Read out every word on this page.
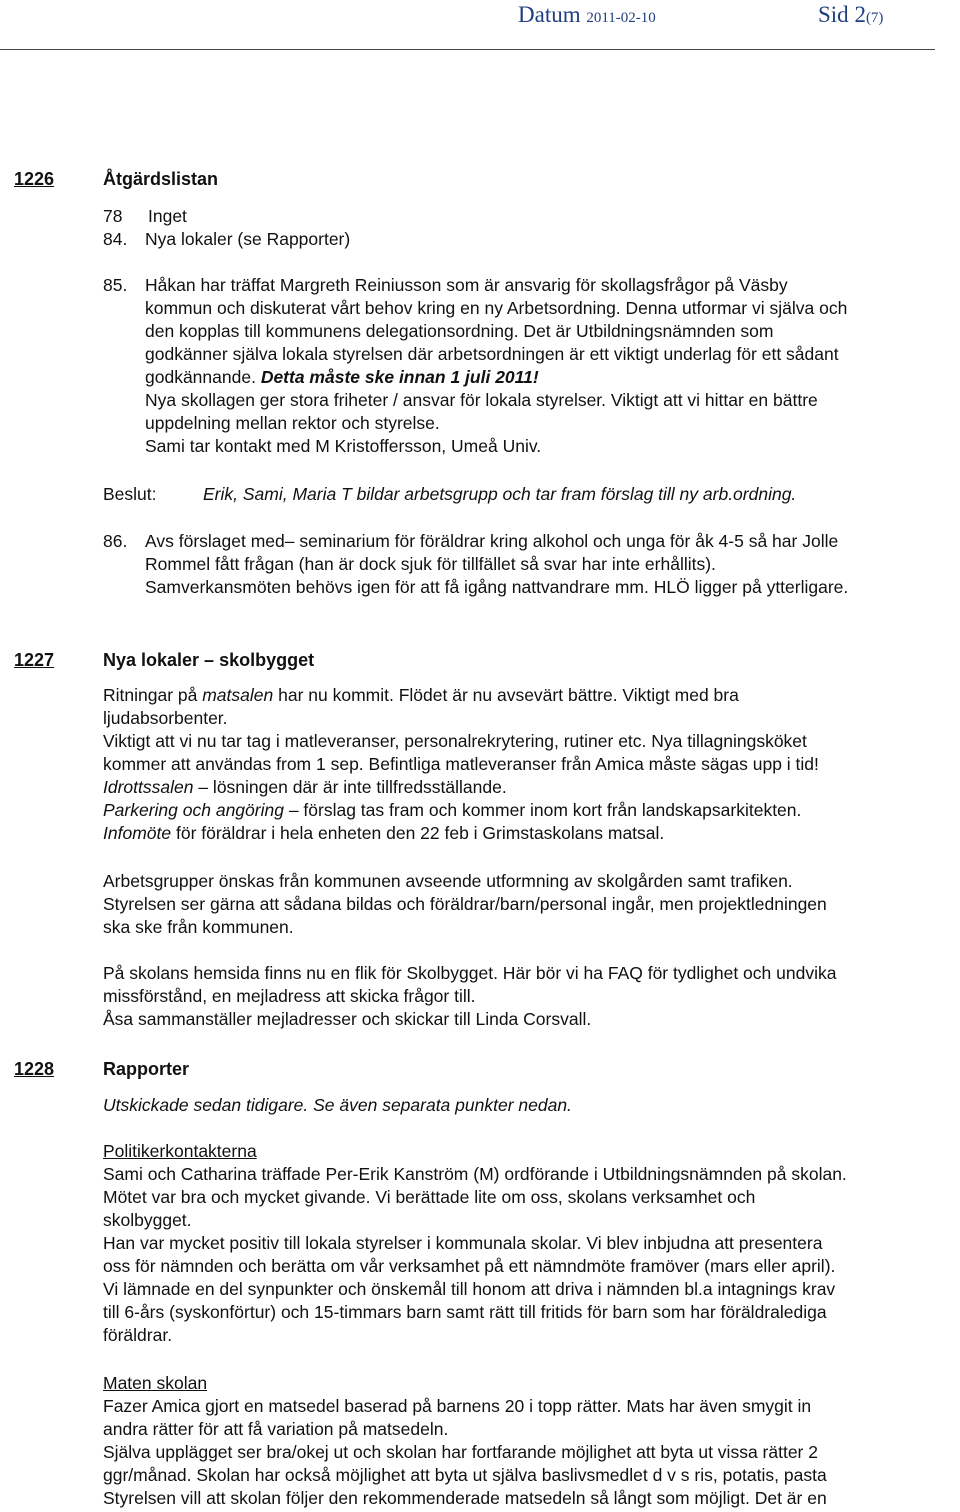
Datum 2011-02-10	Sid 2(7)
1226	Åtgärdslistan
78 Inget
84. Nya lokaler (se Rapporter)
85. Håkan har träffat Margreth Reiniusson som är ansvarig för skollagsfrågor på Väsby
kommun och diskuterat vårt behov kring en ny Arbetsordning. Denna utformar vi själva och
den kopplas till kommunens delegationsordning. Det är Utbildningsnämnden som
godkänner själva lokala styrelsen där arbetsordningen är ett viktigt underlag för ett sådant
godkännande. Detta måste ske innan 1 juli 2011!
Nya skollagen ger stora friheter / ansvar för lokala styrelser. Viktigt att vi hittar en bättre
uppdelning mellan rektor och styrelse.
Sami tar kontakt med M Kristoffersson, Umeå Univ.
Beslut:	Erik, Sami, Maria T bildar arbetsgrupp och tar fram förslag till ny arb.ordning.
86. Avs förslaget med– seminarium för föräldrar kring alkohol och unga för åk 4-5 så har Jolle
Rommel fått frågan (han är dock sjuk för tillfället så svar har inte erhållits).
Samverkansmöten behövs igen för att få igång nattvandrare mm. HLÖ ligger på ytterligare.
1227	Nya lokaler – skolbygget
Ritningar på matsalen har nu kommit. Flödet är nu avsevärt bättre. Viktigt med bra
ljudabsorbenter.
Viktigt att vi nu tar tag i matleveranser, personalrekrytering, rutiner etc. Nya tillagningsköket
kommer att användas from 1 sep. Befintliga matleveranser från Amica måste sägas upp i tid!
Idrottssalen – lösningen där är inte tillfredsställande.
Parkering och angöring – förslag tas fram och kommer inom kort från landskapsarkitekten.
Infomöte för föräldrar i hela enheten den 22 feb i Grimstaskolans matsal.
Arbetsgrupper önskas från kommunen avseende utformning av skolgården samt trafiken.
Styrelsen ser gärna att sådana bildas och föräldrar/barn/personal ingår, men projektledningen
ska ske från kommunen.
På skolans hemsida finns nu en flik för Skolbygget. Här bör vi ha FAQ för tydlighet och undvika
missförstånd, en mejladress att skicka frågor till.
Åsa sammanställer mejladresser och skickar till Linda Corsvall.
1228	Rapporter
Utskickade sedan tidigare. Se även separata punkter nedan.
Politikerkontakterna
Sami och Catharina träffade Per-Erik Kanström (M) ordförande i Utbildningsnämnden på skolan.
Mötet var bra och mycket givande. Vi berättade lite om oss, skolans verksamhet och
skolbygget.
Han var mycket positiv till lokala styrelser i kommunala skolar. Vi blev inbjudna att presentera
oss för nämnden och berätta om vår verksamhet på ett nämndmöte framöver (mars eller april).
Vi lämnade en del synpunkter och önskemål till honom att driva i nämnden bl.a intagnings krav
till 6-års (syskonförtur) och 15-timmars barn samt rätt till fritids för barn som har föräldralediga
föräldrar.
Maten skolan
Fazer Amica gjort en matsedel baserad på barnens 20 i topp rätter. Mats har även smygit in
andra rätter för att få variation på matsedeln.
Själva upplägget ser bra/okej ut och skolan har fortfarande möjlighet att byta ut vissa rätter 2
ggr/månad. Skolan har också möjlighet att byta ut själva baslivsmedlet d v s ris, potatis, pasta
Styrelsen vill att skolan följer den rekommenderade matsedeln så långt som möjligt. Det är en
